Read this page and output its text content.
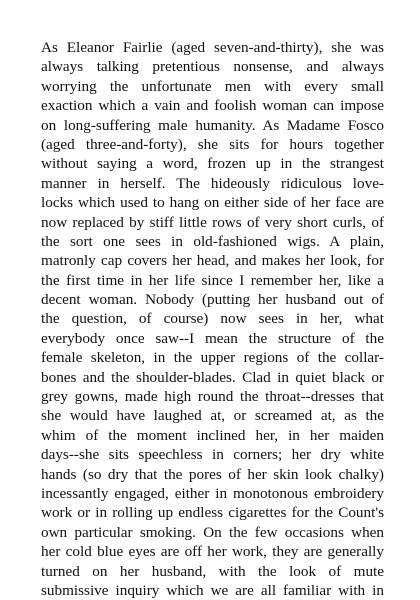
As Eleanor Fairlie (aged seven-and-thirty), she was
always talking pretentious nonsense, and always
worrying the unfortunate men with every small
exaction which a vain and foolish woman can impose
on long-suffering male humanity. As Madame Fosco
(aged three-and-forty), she sits for hours together
without saying a word, frozen up in the strangest
manner in herself. The hideously ridiculous love-
locks which used to hang on either side of her face are
now replaced by stiff little rows of very short curls, of
the sort one sees in old-fashioned wigs. A plain,
matronly cap covers her head, and makes her look, for
the first time in her life since I remember her, like a
decent woman. Nobody (putting her husband out of
the question, of course) now sees in her, what
everybody once saw--I mean the structure of the
female skeleton, in the upper regions of the collar-
bones and the shoulder-blades. Clad in quiet black or
grey gowns, made high round the throat--dresses that
she would have laughed at, or screamed at, as the
whim of the moment inclined her, in her maiden
days--she sits speechless in corners; her dry white
hands (so dry that the pores of her skin look chalky)
incessantly engaged, either in monotonous embroidery
work or in rolling up endless cigarettes for the Count's
own particular smoking. On the few occasions when
her cold blue eyes are off her work, they are generally
turned on her husband, with the look of mute
submissive inquiry which we are all familiar with in
